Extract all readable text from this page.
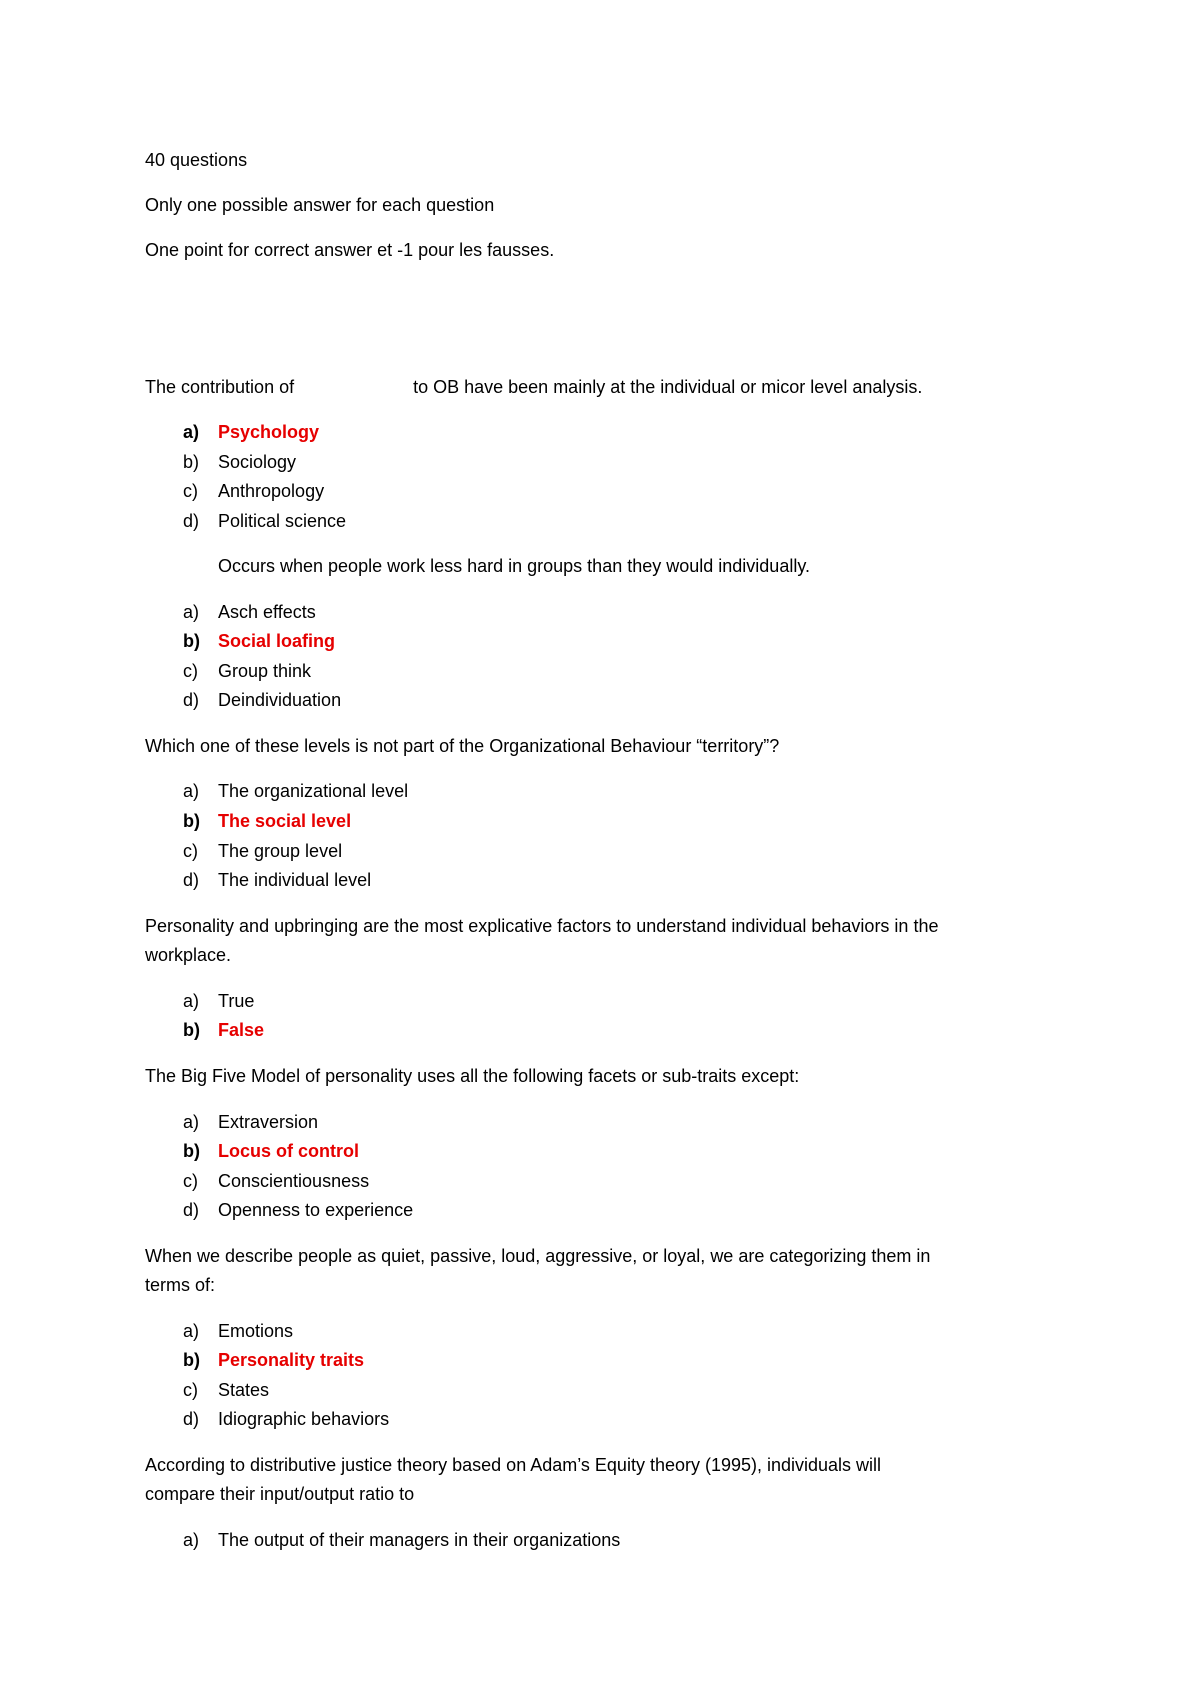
40 questions

Only one possible answer for each question

One point for correct answer et -1 pour les fausses.

The contribution of	to OB have been mainly at the individual or micor level analysis.

a) Psychology
b) Sociology
c) Anthropology
d) Political science

Occurs when people work less hard in groups than they would individually.

a) Asch effects
b) Social loafing
c) Group think
d) Deindividuation

Which one of these levels is not part of the Organizational Behaviour “territory”?

a) The organizational level
b) The social level
c) The group level
d) The individual level

Personality and upbringing are the most explicative factors to understand individual behaviors in the

workplace.

a) True
b) False

The Big Five Model of personality uses all the following facets or sub-traits except:

a) Extraversion
b) Locus of control
c) Conscientiousness
d) Openness to experience

When we describe people as quiet, passive, loud, aggressive, or loyal, we are categorizing them in

terms of:

a) Emotions
b) Personality traits
c) States
d) Idiographic behaviors

According to distributive justice theory based on Adam’s Equity theory (1995), individuals will

compare their input/output ratio to

a) The output of their managers in their organizations
